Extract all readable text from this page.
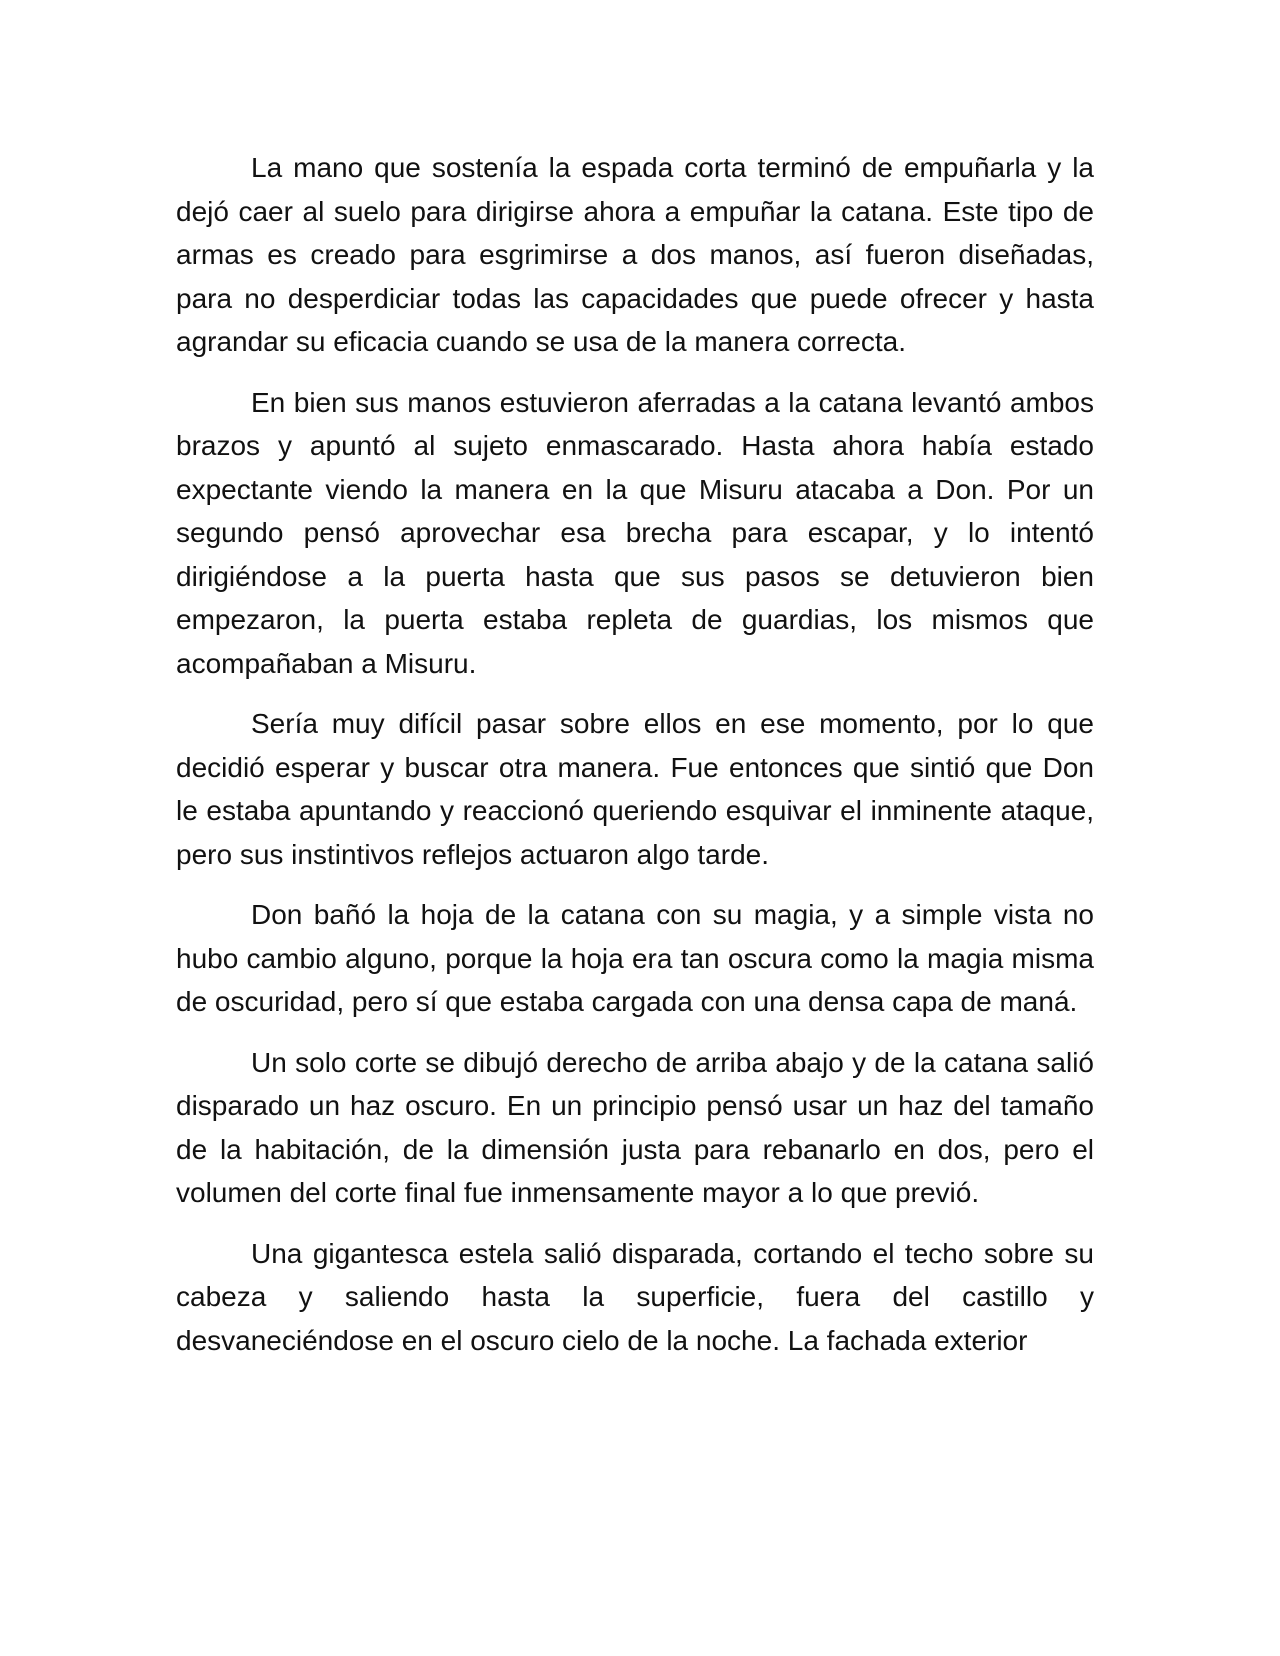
La mano que sostenía la espada corta terminó de empuñarla y la dejó caer al suelo para dirigirse ahora a empuñar la catana. Este tipo de armas es creado para esgrimirse a dos manos, así fueron diseñadas, para no desperdiciar todas las capacidades que puede ofrecer y hasta agrandar su eficacia cuando se usa de la manera correcta.

En bien sus manos estuvieron aferradas a la catana levantó ambos brazos y apuntó al sujeto enmascarado. Hasta ahora había estado expectante viendo la manera en la que Misuru atacaba a Don. Por un segundo pensó aprovechar esa brecha para escapar, y lo intentó dirigiéndose a la puerta hasta que sus pasos se detuvieron bien empezaron, la puerta estaba repleta de guardias, los mismos que acompañaban a Misuru.

Sería muy difícil pasar sobre ellos en ese momento, por lo que decidió esperar y buscar otra manera. Fue entonces que sintió que Don le estaba apuntando y reaccionó queriendo esquivar el inminente ataque, pero sus instintivos reflejos actuaron algo tarde.

Don bañó la hoja de la catana con su magia, y a simple vista no hubo cambio alguno, porque la hoja era tan oscura como la magia misma de oscuridad, pero sí que estaba cargada con una densa capa de maná.

Un solo corte se dibujó derecho de arriba abajo y de la catana salió disparado un haz oscuro. En un principio pensó usar un haz del tamaño de la habitación, de la dimensión justa para rebanarlo en dos, pero el volumen del corte final fue inmensamente mayor a lo que previó.

Una gigantesca estela salió disparada, cortando el techo sobre su cabeza y saliendo hasta la superficie, fuera del castillo y desvaneciéndose en el oscuro cielo de la noche. La fachada exterior
